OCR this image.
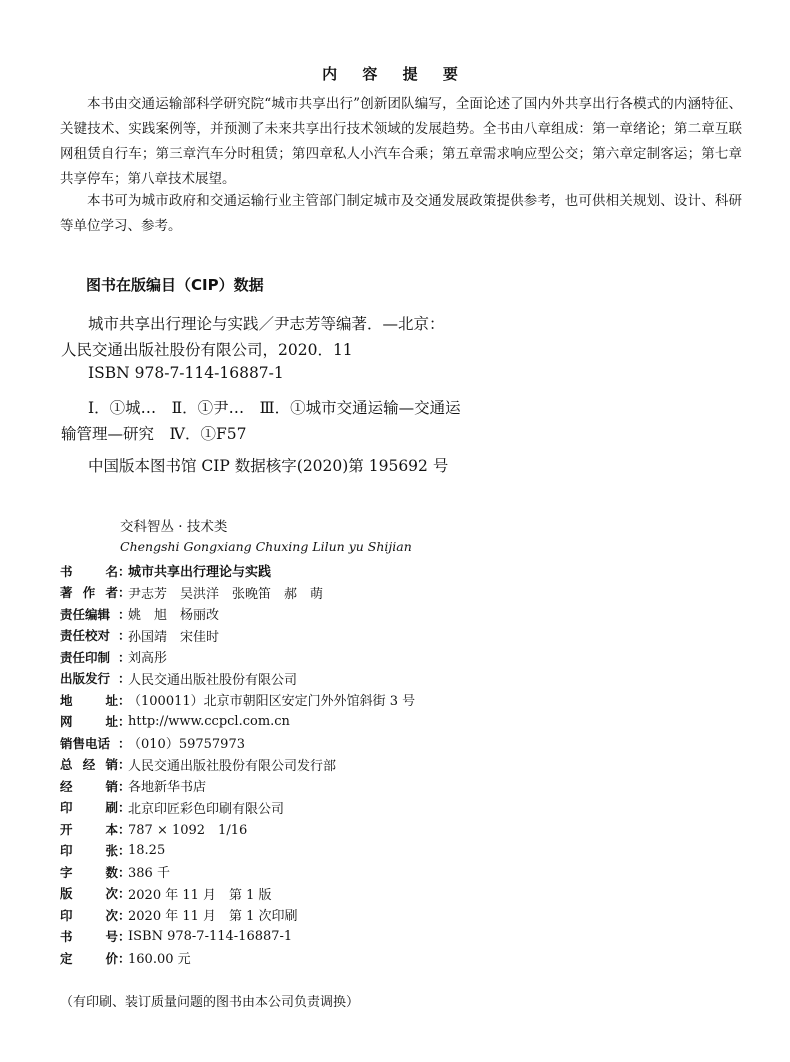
内 容 提 要

本书由交通运输部科学研究院“城市共享出行”创新团队编写，全面论述了国内外共享出行各模式的内涵特征、关键技术、实践案例等，并预测了未来共享出行技术领域的发展趋势。全书由八章组成：第一章绪论；第二章互联网租赁自行车；第三章汽车分时租赁；第四章私人小汽车合乘；第五章需求响应型公交；第六章定制客运；第七章共享停车；第八章技术展望。

本书可为城市政府和交通运输行业主管部门制定城市及交通发展政策提供参考，也可供相关规划、设计、科研等单位学习、参考。

图书在版编目（CIP）数据
城市共享出行理论与实践／尹志芳等编著．—北京：
人民交通出版社股份有限公司，2020．11
ISBN 978-7-114-16887-1
Ⅰ．①城…　Ⅱ．①尹…　Ⅲ．①城市交通运输—交通运
输管理—研究　Ⅳ．①F57
中国版本图书馆 CIP 数据核字(2020)第 195692 号
交科智丛 · 技术类
Chengshi Gongxiang Chuxing Lilun yu Shijian
书	名 ：
城市共享出行理论与实践
著 作 者 ：
尹志芳　吴洪洋　张晚笛　郝　萌
责任编辑 ：
姚　旭　杨丽改
责任校对 ：
孙国靖　宋佳时
责任印制 ：
刘高彤
出版发行 ：
人民交通出版社股份有限公司
地	址 ：
（100011）北京市朝阳区安定门外外馆斜街 3 号
网	址 ：
http://www.ccpcl.com.cn
销售电话 ：
（010）59757973
总 经 销 ：
人民交通出版社股份有限公司发行部
经	销 ：
各地新华书店
印	刷 ：
北京印匠彩色印刷有限公司
开	本 ：
787 × 1092　1/16
印	张 ：
18.25
字	数 ：
386 千
版	次 ：
2020 年 11 月　第 1 版
印	次 ：
2020 年 11 月　第 1 次印刷
书	号 ：
ISBN 978-7-114-16887-1
定	价 ：
160.00 元
（有印刷、装订质量问题的图书由本公司负责调换）
